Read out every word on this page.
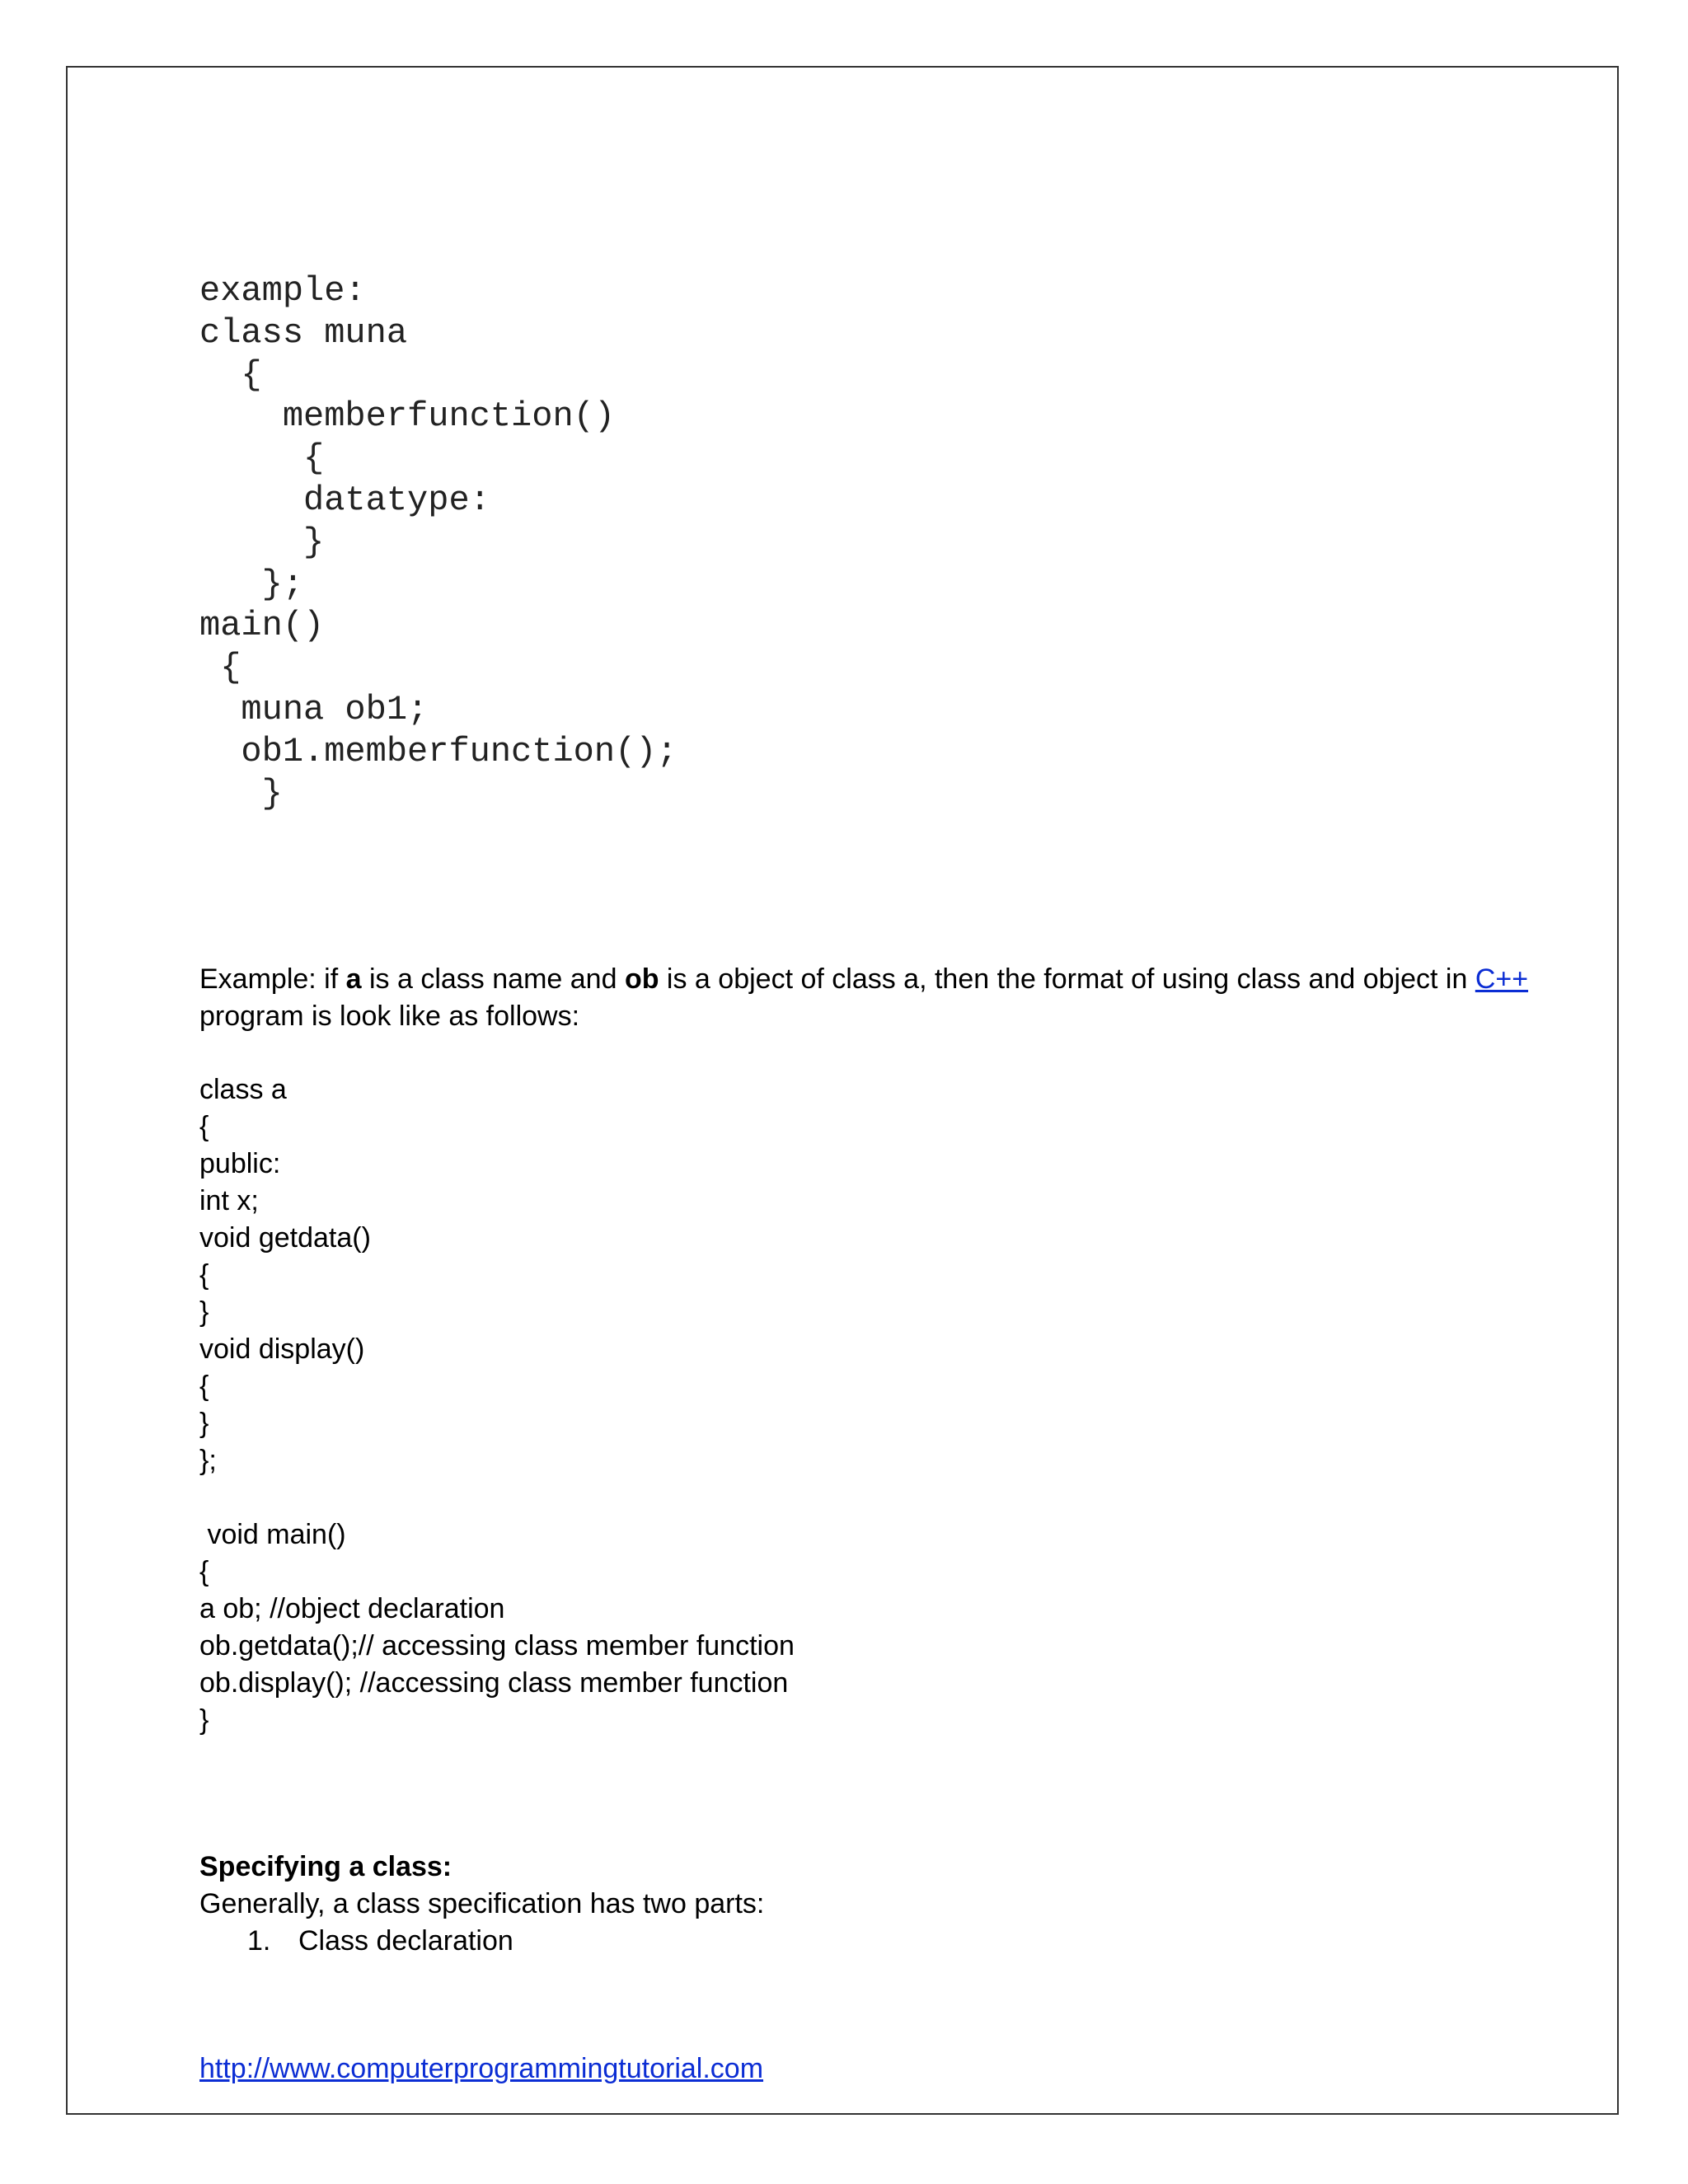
example:
class muna
{
memberfunction()
{
datatype:
}
};
main()
{
muna ob1;
ob1.memberfunction();
}
Example: if a is a class name and ob is a object of class a, then the format of using class and object in C++ program is look like as follows:
class a
{
public:
int x;
void getdata()
{
}
void display()
{
}
};
void main()
{
a ob; //object declaration
ob.getdata();// accessing class member function
ob.display(); //accessing class member function
}
Specifying a class:
Generally, a class specification has two parts:
1. Class declaration
http://www.computerprogrammingtutorial.com
